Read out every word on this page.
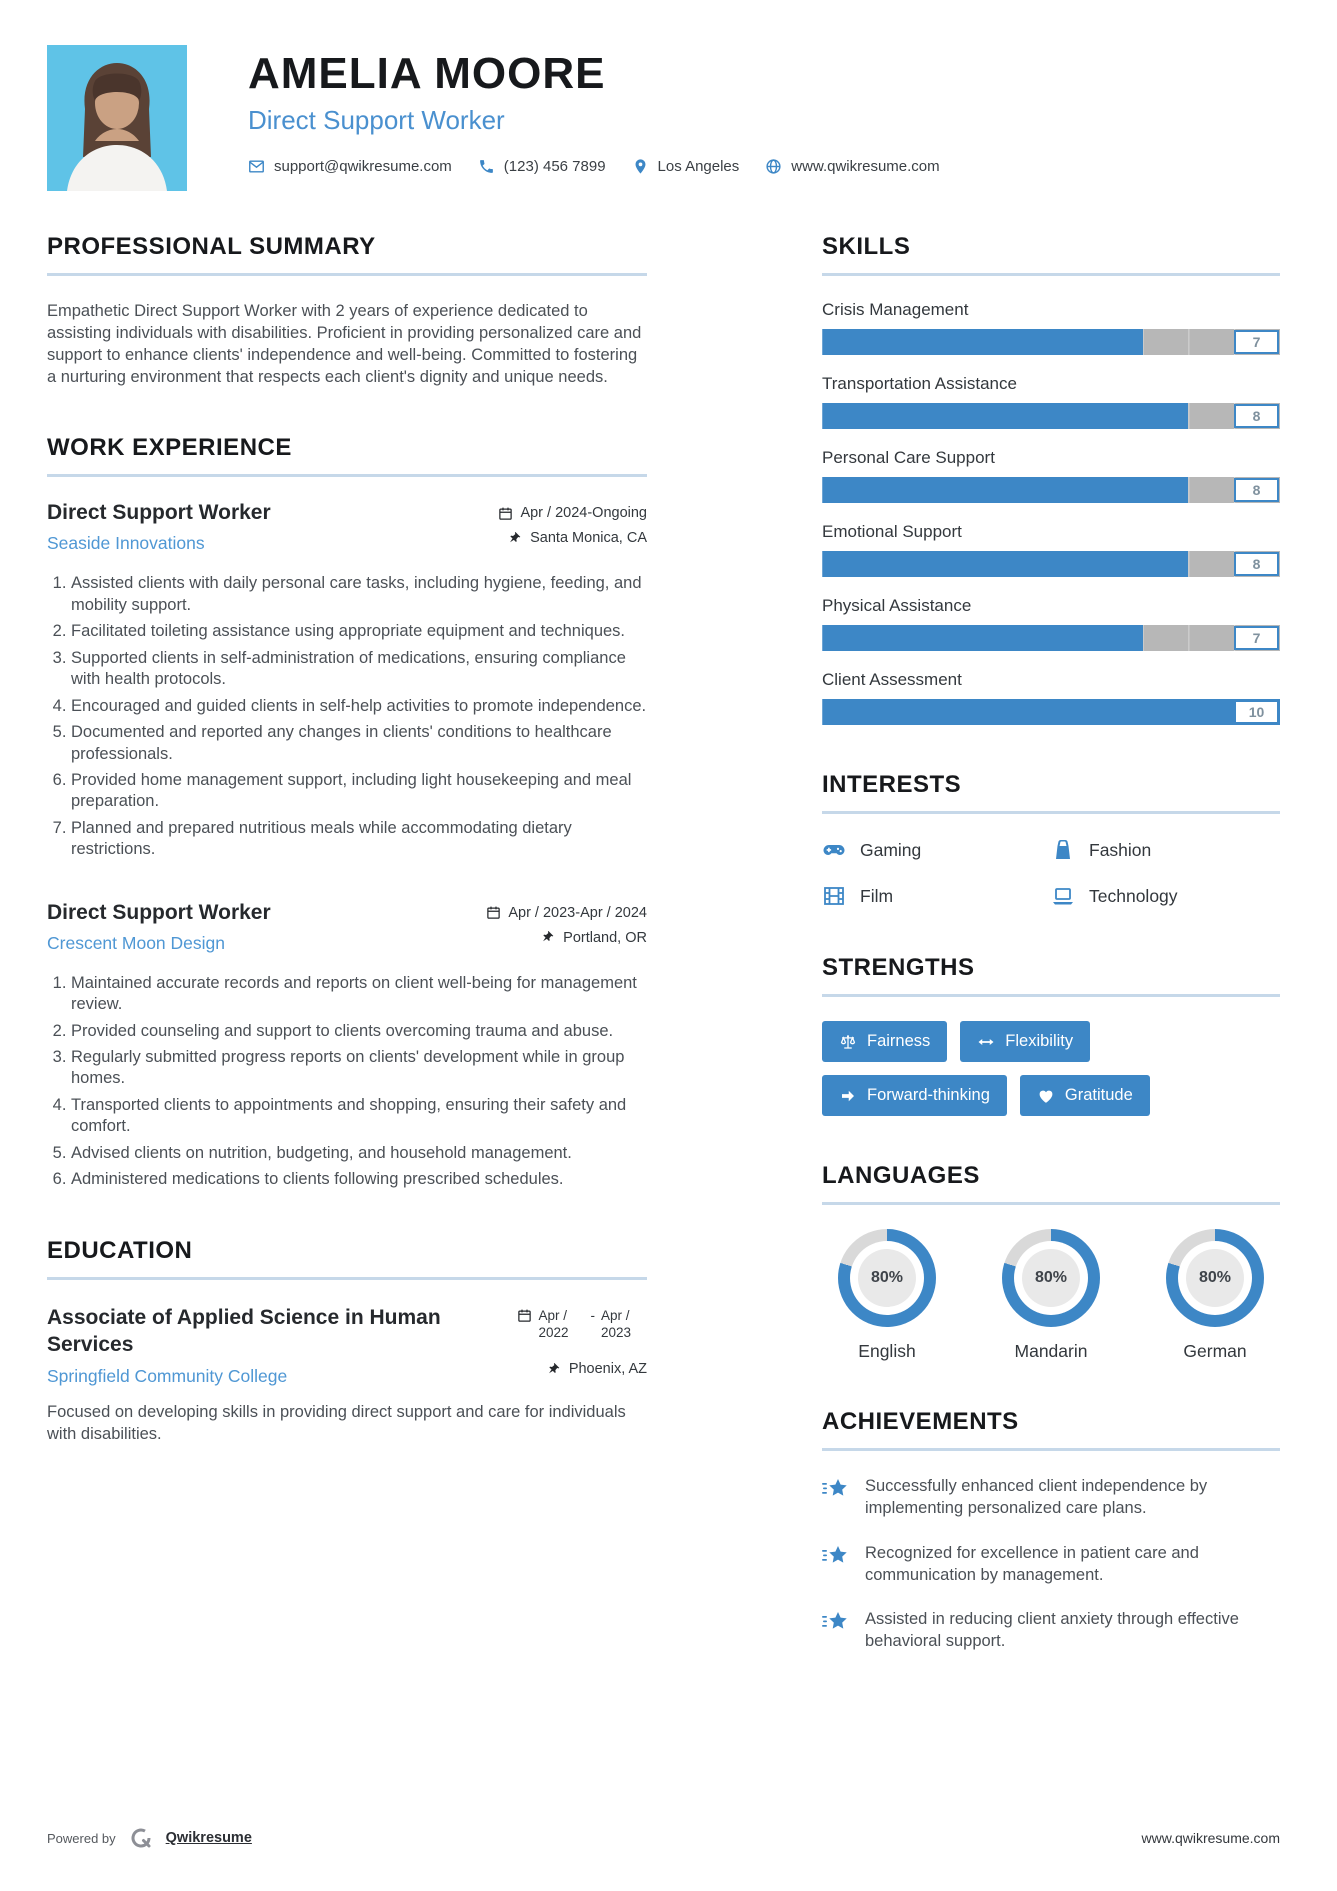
AMELIA MOORE
Direct Support Worker
support@qwikresume.com	(123) 456 7899	Los Angeles	www.qwikresume.com
PROFESSIONAL SUMMARY
Empathetic Direct Support Worker with 2 years of experience dedicated to assisting individuals with disabilities. Proficient in providing personalized care and support to enhance clients' independence and well-being. Committed to fostering a nurturing environment that respects each client's dignity and unique needs.
WORK EXPERIENCE
Direct Support Worker
Seaside Innovations
Apr / 2024-Ongoing
Santa Monica, CA
1. Assisted clients with daily personal care tasks, including hygiene, feeding, and mobility support.
2. Facilitated toileting assistance using appropriate equipment and techniques.
3. Supported clients in self-administration of medications, ensuring compliance with health protocols.
4. Encouraged and guided clients in self-help activities to promote independence.
5. Documented and reported any changes in clients' conditions to healthcare professionals.
6. Provided home management support, including light housekeeping and meal preparation.
7. Planned and prepared nutritious meals while accommodating dietary restrictions.
Direct Support Worker
Crescent Moon Design
Apr / 2023-Apr / 2024
Portland, OR
1. Maintained accurate records and reports on client well-being for management review.
2. Provided counseling and support to clients overcoming trauma and abuse.
3. Regularly submitted progress reports on clients' development while in group homes.
4. Transported clients to appointments and shopping, ensuring their safety and comfort.
5. Advised clients on nutrition, budgeting, and household management.
6. Administered medications to clients following prescribed schedules.
EDUCATION
Associate of Applied Science in Human Services
Springfield Community College
Apr / 2022
- Apr / 2023
Phoenix, AZ
Focused on developing skills in providing direct support and care for individuals with disabilities.
SKILLS
Crisis Management
7
Transportation Assistance
8
Personal Care Support
8
Emotional Support
8
Physical Assistance
7
Client Assessment
10
INTERESTS
Gaming	Fashion
Film	Technology
STRENGTHS
Fairness	Flexibility
Forward-thinking	Gratitude
LANGUAGES
80%
English
80%
Mandarin
80%
German
ACHIEVEMENTS
Successfully enhanced client independence by implementing personalized care plans.
Recognized for excellence in patient care and communication by management.
Assisted in reducing client anxiety through effective behavioral support.
Powered by	Qwikresume	www.qwikresume.com
